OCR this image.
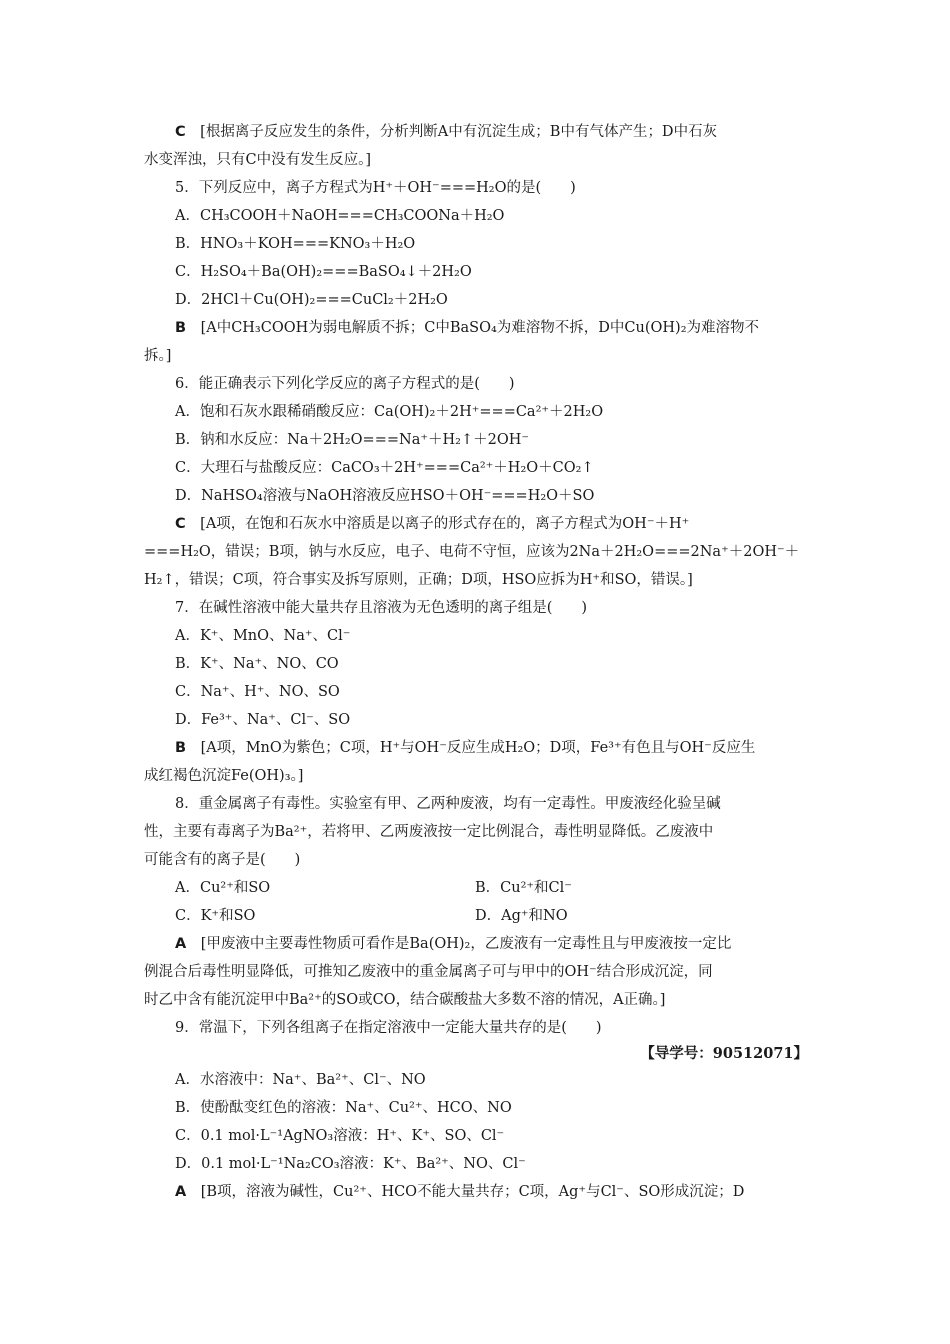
C　 [根据离子反应发生的条件，分析判断A中有沉淀生成；B中有气体产生；D中石灰
水变浑浊，只有C中没有发生反应。]
5．下列反应中，离子方程式为H⁺＋OH⁻===H₂O的是(　　)
A．CH₃COOH＋NaOH===CH₃COONa＋H₂O
B．HNO₃＋KOH===KNO₃＋H₂O
C．H₂SO₄＋Ba(OH)₂===BaSO₄↓＋2H₂O
D．2HCl＋Cu(OH)₂===CuCl₂＋2H₂O
B　 [A中CH₃COOH为弱电解质不拆；C中BaSO₄为难溶物不拆，D中Cu(OH)₂为难溶物不
拆。]
6．能正确表示下列化学反应的离子方程式的是(　　)
A．饱和石灰水跟稀硝酸反应：Ca(OH)₂＋2H⁺===Ca²⁺＋2H₂O
B．钠和水反应：Na＋2H₂O===Na⁺＋H₂↑＋2OH⁻
C．大理石与盐酸反应：CaCO₃＋2H⁺===Ca²⁺＋H₂O＋CO₂↑
D．NaHSO₄溶液与NaOH溶液反应HSO＋OH⁻===H₂O＋SO
C　 [A项，在饱和石灰水中溶质是以离子的形式存在的，离子方程式为OH⁻＋H⁺
===H₂O，错误；B项，钠与水反应，电子、电荷不守恒，应该为2Na＋2H₂O===2Na⁺＋2OH⁻＋
H₂↑，错误；C项，符合事实及拆写原则，正确；D项，HSO应拆为H⁺和SO，错误。]
7．在碱性溶液中能大量共存且溶液为无色透明的离子组是(　　)
A．K⁺、MnO、Na⁺、Cl⁻
B．K⁺、Na⁺、NO、CO
C．Na⁺、H⁺、NO、SO
D．Fe³⁺、Na⁺、Cl⁻、SO
B　 [A项，MnO为紫色；C项，H⁺与OH⁻反应生成H₂O；D项，Fe³⁺有色且与OH⁻反应生
成红褐色沉淀Fe(OH)₃。]
8．重金属离子有毒性。实验室有甲、乙两种废液，均有一定毒性。甲废液经化验呈碱
性，主要有毒离子为Ba²⁺，若将甲、乙两废液按一定比例混合，毒性明显降低。乙废液中
可能含有的离子是(　　)
A　 [甲废液中主要毒性物质可看作是Ba(OH)₂，乙废液有一定毒性且与甲废液按一定比
例混合后毒性明显降低，可推知乙废液中的重金属离子可与甲中的OH⁻结合形成沉淀，同
时乙中含有能沉淀甲中Ba²⁺的SO或CO，结合碳酸盐大多数不溶的情况，A正确。]
9．常温下，下列各组离子在指定溶液中一定能大量共存的是(　　)
A．水溶液中：Na⁺、Ba²⁺、Cl⁻、NO
B．使酚酞变红色的溶液：Na⁺、Cu²⁺、HCO、NO
C．0.1 mol·L⁻¹AgNO₃溶液：H⁺、K⁺、SO、Cl⁻
D．0.1 mol·L⁻¹Na₂CO₃溶液：K⁺、Ba²⁺、NO、Cl⁻
A　 [B项，溶液为碱性，Cu²⁺、HCO不能大量共存；C项，Ag⁺与Cl⁻、SO形成沉淀；D
A．Cu²⁺和SO	B．Cu²⁺和Cl⁻
C．K⁺和SO	D．Ag⁺和NO
【导学号：90512071】
